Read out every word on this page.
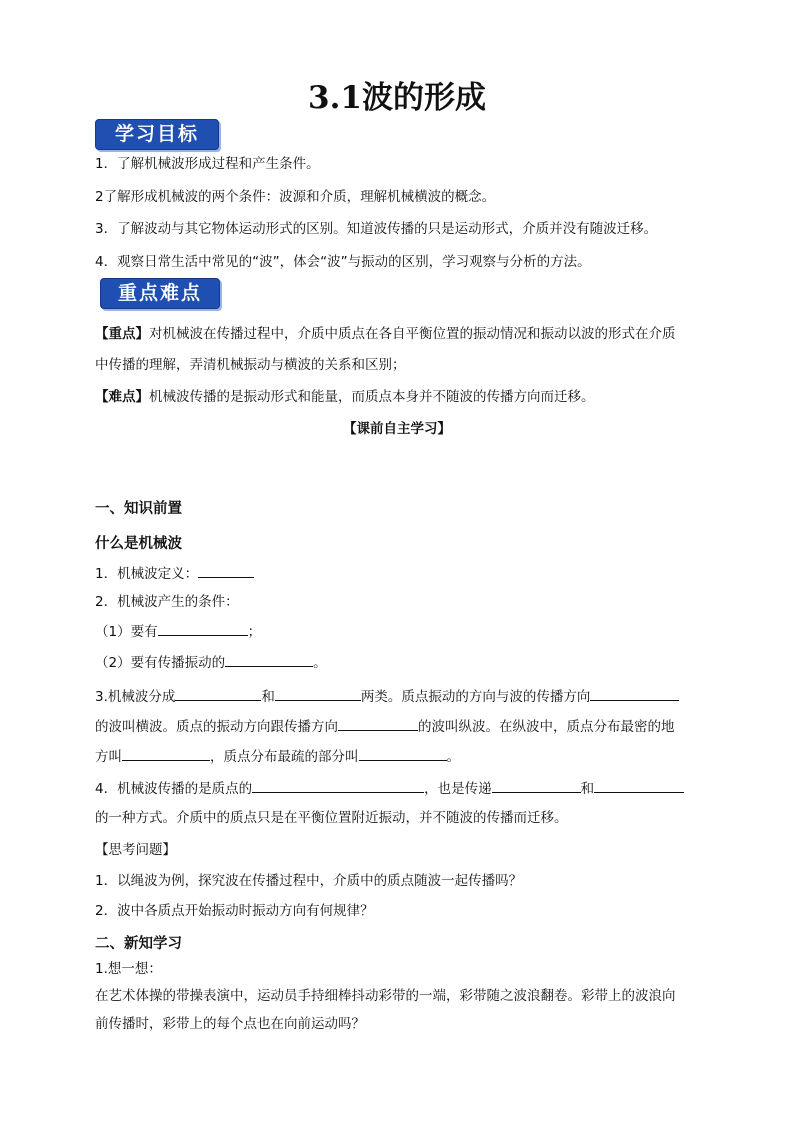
3.1波的形成
学习目标
1．了解机械波形成过程和产生条件。
2了解形成机械波的两个条件：波源和介质，理解机械横波的概念。
3．了解波动与其它物体运动形式的区别。知道波传播的只是运动形式，介质并没有随波迁移。
4．观察日常生活中常见的“波”，体会“波”与振动的区别，学习观察与分析的方法。
重点难点
【重点】对机械波在传播过程中，介质中质点在各自平衡位置的振动情况和振动以波的形式在介质
中传播的理解，弄清机械振动与横波的关系和区别；
【难点】机械波传播的是振动形式和能量，而质点本身并不随波的传播方向而迁移。
【课前自主学习】
一、知识前置
什么是机械波
1．机械波定义：
2．机械波产生的条件：
（1）要有	；
（2）要有传播振动的	。
3.机械波分成	和	两类。质点振动的方向与波的传播方向
的波叫横波。质点的振动方向跟传播方向	的波叫纵波。在纵波中，质点分布最密的地
方叫	，质点分布最疏的部分叫	。
4．机械波传播的是质点的	，也是传递	和
的一种方式。介质中的质点只是在平衡位置附近振动，并不随波的传播而迁移。
【思考问题】
1．以绳波为例，探究波在传播过程中，介质中的质点随波一起传播吗？
2．波中各质点开始振动时振动方向有何规律？
二、新知学习
1.想一想：
在艺术体操的带操表演中，运动员手持细棒抖动彩带的一端，彩带随之波浪翻卷。彩带上的波浪向
前传播时，彩带上的每个点也在向前运动吗？
